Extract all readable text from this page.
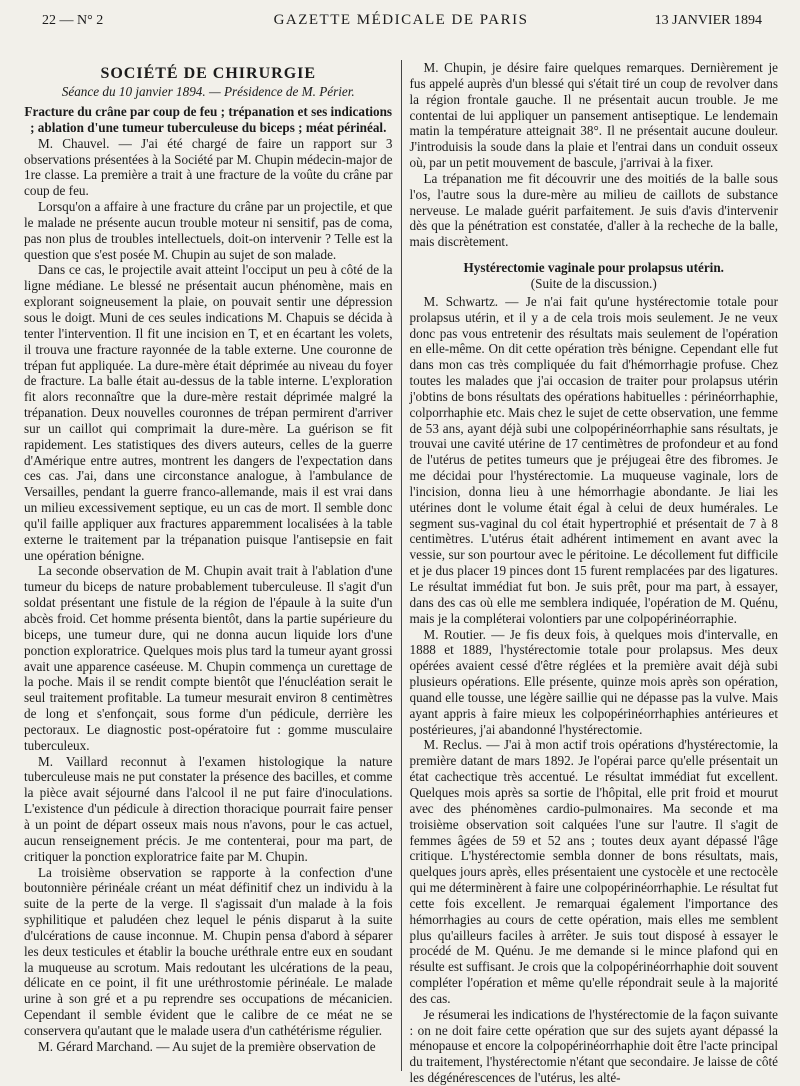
22 — N° 2	GAZETTE MÉDICALE DE PARIS	13 JANVIER 1894
SOCIÉTÉ DE CHIRURGIE
Séance du 10 janvier 1894. — Présidence de M. Périer.
Fracture du crâne par coup de feu ; trépanation et ses indications ; ablation d'une tumeur tuberculeuse du biceps ; méat périnéal.

M. Chauvel. — J'ai été chargé de faire un rapport sur 3 observations présentées à la Société par M. Chupin médecin-major de 1re classe. La première a trait à une fracture de la voûte du crâne par coup de feu.

Lorsqu'on a affaire à une fracture du crâne par un projectile, et que le malade ne présente aucun trouble moteur ni sensitif, pas de coma, pas non plus de troubles intellectuels, doit-on intervenir ? Telle est la question que s'est posée M. Chupin au sujet de son malade.

Dans ce cas, le projectile avait atteint l'occiput un peu à côté de la ligne médiane. Le blessé ne présentait aucun phénomène, mais en explorant soigneusement la plaie, on pouvait sentir une dépression sous le doigt. Muni de ces seules indications M. Chapuis se décida à tenter l'intervention. Il fit une incision en T, et en écartant les volets, il trouva une fracture rayonnée de la table externe. Une couronne de trépan fut appliquée. La dure-mère était déprimée au niveau du foyer de fracture. La balle était au-dessus de la table interne. L'exploration fit alors reconnaître que la dure-mère restait déprimée malgré la trépanation. Deux nouvelles couronnes de trépan permirent d'arriver sur un caillot qui comprimait la dure-mère. La guérison se fit rapidement. Les statistiques des divers auteurs, celles de la guerre d'Amérique entre autres, montrent les dangers de l'expectation dans ces cas. J'ai, dans une circonstance analogue, à l'ambulance de Versailles, pendant la guerre franco-allemande, mais il est vrai dans un milieu excessivement septique, eu un cas de mort. Il semble donc qu'il faille appliquer aux fractures apparemment localisées à la table externe le traitement par la trépanation puisque l'antisepsie en fait une opération bénigne.

La seconde observation de M. Chupin avait trait à l'ablation d'une tumeur du biceps de nature probablement tuberculeuse. Il s'agit d'un soldat présentant une fistule de la région de l'épaule à la suite d'un abcès froid. Cet homme présenta bientôt, dans la partie supérieure du biceps, une tumeur dure, qui ne donna aucun liquide lors d'une ponction exploratrice. Quelques mois plus tard la tumeur ayant grossi avait une apparence caséeuse. M. Chupin commença un curettage de la poche. Mais il se rendit compte bientôt que l'énucléation serait le seul traitement profitable. La tumeur mesurait environ 8 centimètres de long et s'enfonçait, sous forme d'un pédicule, derrière les pectoraux. Le diagnostic post-opératoire fut : gomme musculaire tuberculeux.

M. Vaillard reconnut à l'examen histologique la nature tuberculeuse mais ne put constater la présence des bacilles, et comme la pièce avait séjourné dans l'alcool il ne put faire d'inoculations. L'existence d'un pédicule à direction thoracique pourrait faire penser à un point de départ osseux mais nous n'avons, pour le cas actuel, aucun renseignement précis. Je me contenterai, pour ma part, de critiquer la ponction exploratrice faite par M. Chupin.

La troisième observation se rapporte à la confection d'une boutonnière périnéale créant un méat définitif chez un individu à la suite de la perte de la verge. Il s'agissait d'un malade à la fois syphilitique et paludéen chez lequel le pénis disparut à la suite d'ulcérations de cause inconnue. M. Chupin pensa d'abord à séparer les deux testicules et établir la bouche uréthrale entre eux en soudant la muqueuse au scrotum. Mais redoutant les ulcérations de la peau, délicate en ce point, il fit une uréthrostomie périnéale. Le malade urine à son gré et a pu reprendre ses occupations de mécanicien. Cependant il semble évident que le calibre de ce méat ne se conservera qu'autant que le malade usera d'un cathétérisme régulier.

M. Gérard Marchand. — Au sujet de la première observation de

M. Chupin, je désire faire quelques remarques. Dernièrement je fus appelé auprès d'un blessé qui s'était tiré un coup de revolver dans la région frontale gauche. Il ne présentait aucun trouble. Je me contentai de lui appliquer un pansement antiseptique. Le lendemain matin la température atteignait 38°. Il ne présentait aucune douleur. J'introduisis la soude dans la plaie et l'entrai dans un conduit osseux où, par un petit mouvement de bascule, j'arrivai à la fixer.

La trépanation me fit découvrir une des moitiés de la balle sous l'os, l'autre sous la dure-mère au milieu de caillots de substance nerveuse. Le malade guérit parfaitement. Je suis d'avis d'intervenir dès que la pénétration est constatée, d'aller à la recheche de la balle, mais discrètement.

Hystérectomie vaginale pour prolapsus utérin.
(Suite de la discussion.)

M. Schwartz. — Je n'ai fait qu'une hystérectomie totale pour prolapsus utérin, et il y a de cela trois mois seulement. Je ne veux donc pas vous entretenir des résultats mais seulement de l'opération en elle-même. On dit cette opération très bénigne. Cependant elle fut dans mon cas très compliquée du fait d'hémorrhagie profuse. Chez toutes les malades que j'ai occasion de traiter pour prolapsus utérin j'obtins de bons résultats des opérations habituelles : périnéorrhaphie, colporrhaphie etc. Mais chez le sujet de cette observation, une femme de 53 ans, ayant déjà subi une colpopérinéorrhaphie sans résultats, je trouvai une cavité utérine de 17 centimètres de profondeur et au fond de l'utérus de petites tumeurs que je préjugeai être des fibromes. Je me décidai pour l'hystérectomie. La muqueuse vaginale, lors de l'incision, donna lieu à une hémorrhagie abondante. Je liai les utérines dont le volume était égal à celui de deux humérales. Le segment sus-vaginal du col était hypertrophié et présentait de 7 à 8 centimètres. L'utérus était adhérent intimement en avant avec la vessie, sur son pourtour avec le péritoine. Le décollement fut difficile et je dus placer 19 pinces dont 15 furent remplacées par des ligatures. Le résultat immédiat fut bon. Je suis prêt, pour ma part, à essayer, dans des cas où elle me semblera indiquée, l'opération de M. Quénu, mais je la compléterai volontiers par une colpopérinéorraphie.

M. Routier. — Je fis deux fois, à quelques mois d'intervalle, en 1888 et 1889, l'hystérectomie totale pour prolapsus. Mes deux opérées avaient cessé d'être réglées et la première avait déjà subi plusieurs opérations. Elle présente, quinze mois après son opération, quand elle tousse, une légère saillie qui ne dépasse pas la vulve. Mais ayant appris à faire mieux les colpopérinéorrhaphies antérieures et postérieures, j'ai abandonné l'hystérectomie.

M. Reclus. — J'ai à mon actif trois opérations d'hystérectomie, la première datant de mars 1892. Je l'opérai parce qu'elle présentait un état cachectique très accentué. Le résultat immédiat fut excellent. Quelques mois après sa sortie de l'hôpital, elle prit froid et mourut avec des phénomènes cardio-pulmonaires. Ma seconde et ma troisième observation soit calquées l'une sur l'autre. Il s'agit de femmes âgées de 59 et 52 ans ; toutes deux ayant dépassé l'âge critique. L'hystérectomie sembla donner de bons résultats, mais, quelques jours après, elles présentaient une cystocèle et une rectocèle qui me déterminèrent à faire une colpopérinéorrhaphie. Le résultat fut cette fois excellent. Je remarquai également l'importance des hémorrhagies au cours de cette opération, mais elles me semblent plus qu'ailleurs faciles à arrêter. Je suis tout disposé à essayer le procédé de M. Quénu. Je me demande si le mince plafond qui en résulte est suffisant. Je crois que la colpopérinéorrhaphie doit souvent compléter l'opération et même qu'elle répondrait seule à la majorité des cas.

Je résumerai les indications de l'hystérectomie de la façon suivante : on ne doit faire cette opération que sur des sujets ayant dépassé la ménopause et encore la colpopérinéorrhaphie doit être l'acte principal du traitement, l'hystérectomie n'étant que secondaire. Je laisse de côté les dégénérescences de l'utérus, les alté-
